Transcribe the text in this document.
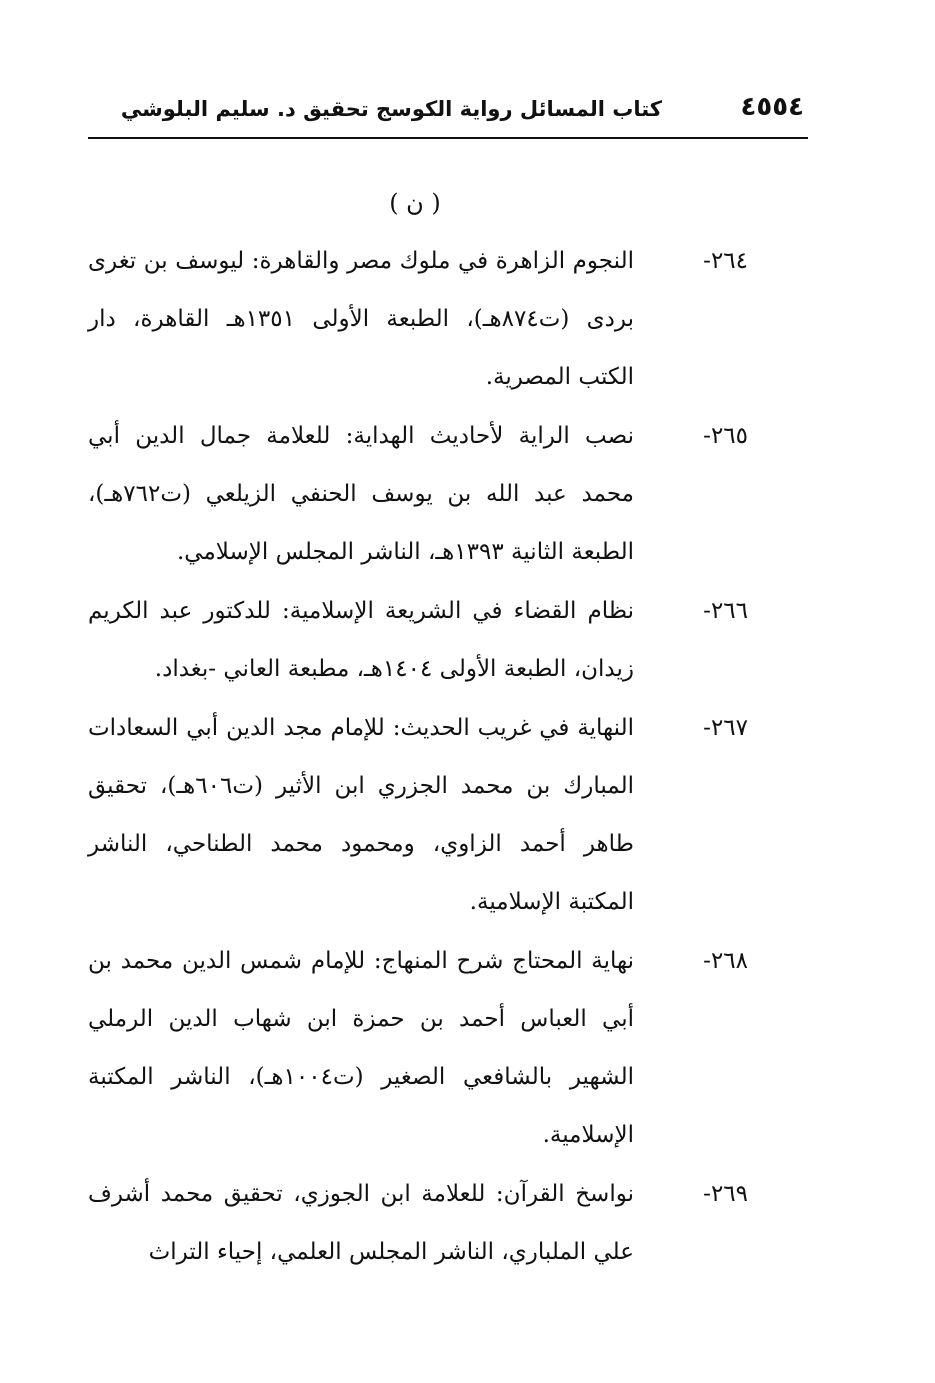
٤٥٥٤
كتاب المسائل رواية الكوسج تحقيق د. سليم البلوشي
( ن )
٢٦٤-
النجوم الزاهرة في ملوك مصر والقاهرة: ليوسف بن تغرى بردى (ت٨٧٤هـ)، الطبعة الأولى ١٣٥١هـ القاهرة، دار الكتب المصرية.
٢٦٥-
نصب الراية لأحاديث الهداية: للعلامة جمال الدين أبي محمد عبد الله بن يوسف الحنفي الزيلعي (ت٧٦٢هـ)، الطبعة الثانية ١٣٩٣هـ، الناشر المجلس الإسلامي.
٢٦٦-
نظام القضاء في الشريعة الإسلامية: للدكتور عبد الكريم زيدان، الطبعة الأولى ١٤٠٤هـ، مطبعة العاني -بغداد.
٢٦٧-
النهاية في غريب الحديث: للإمام مجد الدين أبي السعادات المبارك بن محمد الجزري ابن الأثير (ت٦٠٦هـ)، تحقيق طاهر أحمد الزاوي، ومحمود محمد الطناحي، الناشر المكتبة الإسلامية.
٢٦٨-
نهاية المحتاج شرح المنهاج: للإمام شمس الدين محمد بن أبي العباس أحمد بن حمزة ابن شهاب الدين الرملي الشهير بالشافعي الصغير (ت١٠٠٤هـ)، الناشر المكتبة الإسلامية.
٢٦٩-
نواسخ القرآن: للعلامة ابن الجوزي، تحقيق محمد أشرف علي الملباري، الناشر المجلس العلمي، إحياء التراث
